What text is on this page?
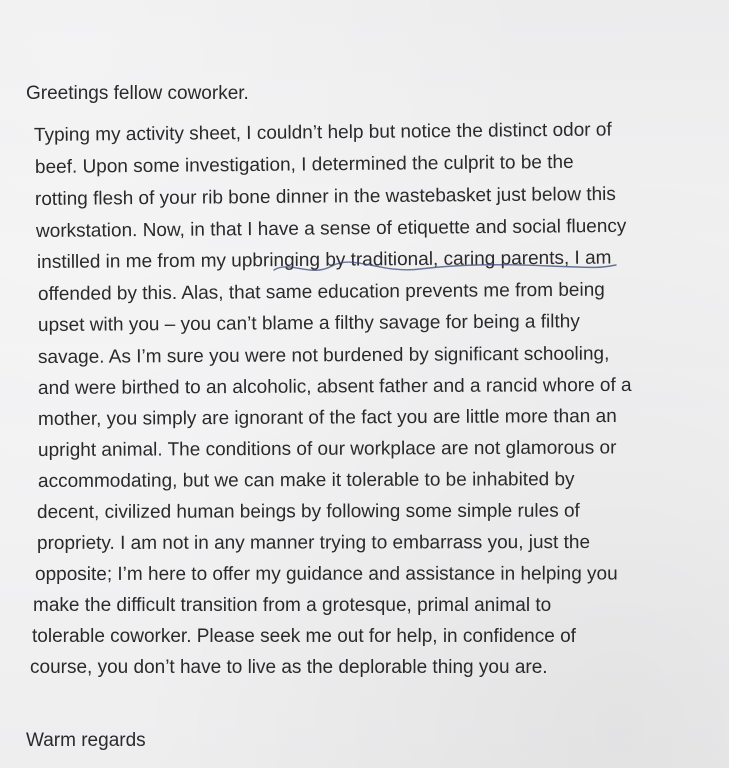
Greetings fellow coworker.
Typing my activity sheet, I couldn’t help but notice the distinct odor of
beef. Upon some investigation, I determined the culprit to be the
rotting flesh of your rib bone dinner in the wastebasket just below this
workstation. Now, in that I have a sense of etiquette and social fluency
instilled in me from my upbringing by traditional, caring parents, I am
offended by this. Alas, that same education prevents me from being
upset with you – you can’t blame a filthy savage for being a filthy
savage. As I’m sure you were not burdened by significant schooling,
and were birthed to an alcoholic, absent father and a rancid whore of a
mother, you simply are ignorant of the fact you are little more than an
upright animal. The conditions of our workplace are not glamorous or
accommodating, but we can make it tolerable to be inhabited by
decent, civilized human beings by following some simple rules of
propriety. I am not in any manner trying to embarrass you, just the
opposite; I’m here to offer my guidance and assistance in helping you
make the difficult transition from a grotesque, primal animal to
tolerable coworker. Please seek me out for help, in confidence of
course, you don’t have to live as the deplorable thing you are.
Warm regards
